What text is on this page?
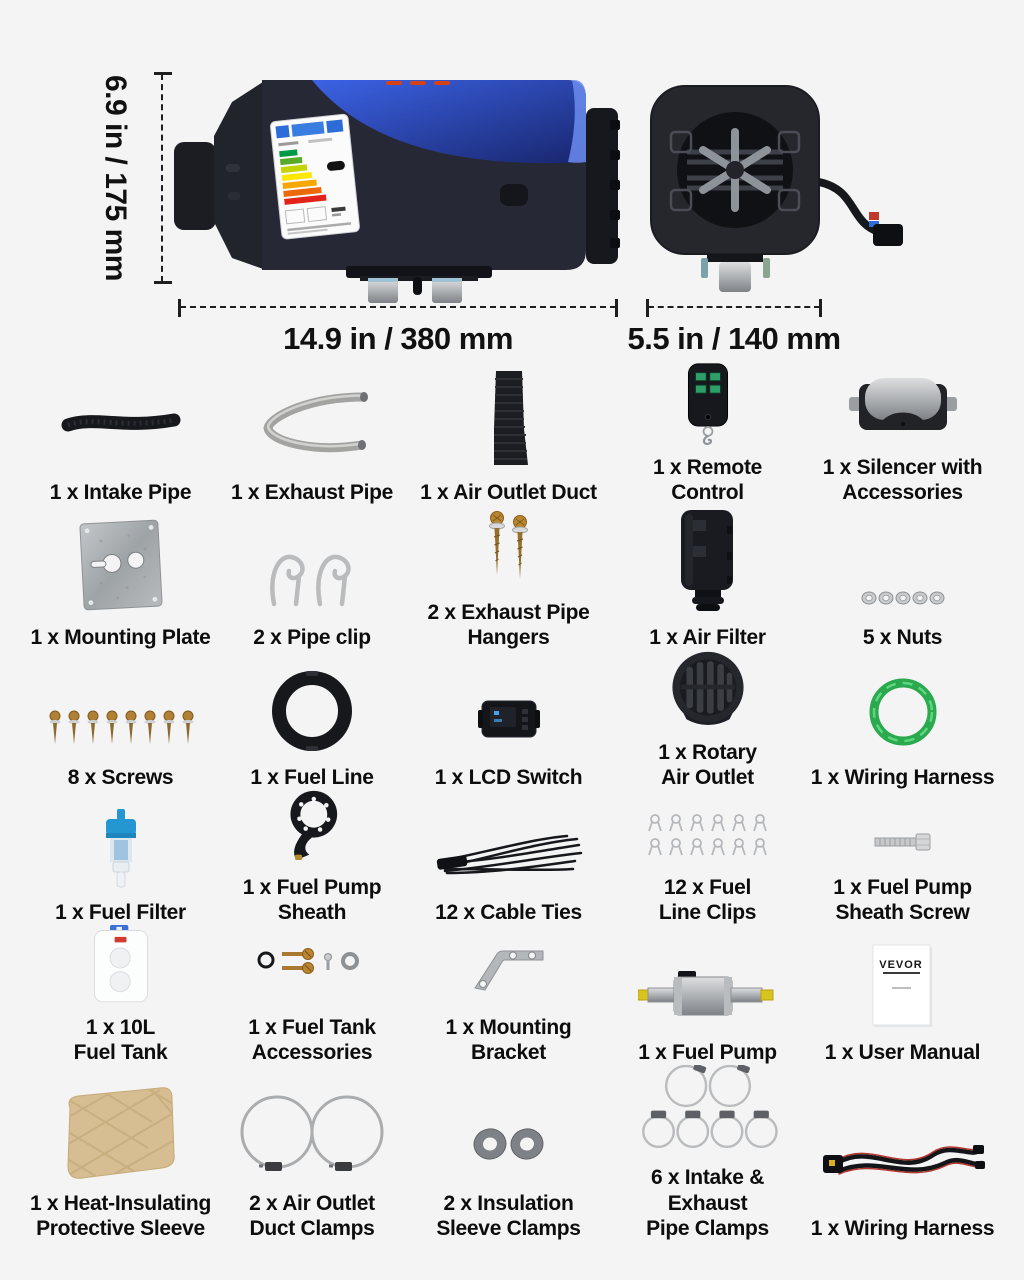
6.9 in / 175 mm
14.9 in / 380 mm	5.5 in / 140 mm
1 x Intake Pipe 1 x Exhaust Pipe 1 x Air Outlet Duct
1 x Remote Control
1 x Silencer with
Accessories
1 x Mounting Plate 2 x Pipe clip
2 x Exhaust Pipe Hangers	1 x Air Filter	5 x Nuts
8 x Screws	1 x Fuel Line	1 x LCD Switch
1 x Rotary
Air Outlet	1 x Wiring Harness
1 x Fuel Filter
1 x Fuel Pump Sheath	12 x Cable Ties
12 x Fuel
Line Clips
1 x Fuel Pump
Sheath Screw
1 x 10L
Fuel Tank
1 x Fuel Tank
Accessories
1 x Mounting
Bracket	1 x Fuel Pump
VEVOR
1 x User Manual
1 x Heat-Insulating
Protective Sleeve
2 x Air Outlet
Duct Clamps
2 x Insulation
Sleeve Clamps
6 x Intake & Exhaust
Pipe Clamps	1 x Wiring Harness
